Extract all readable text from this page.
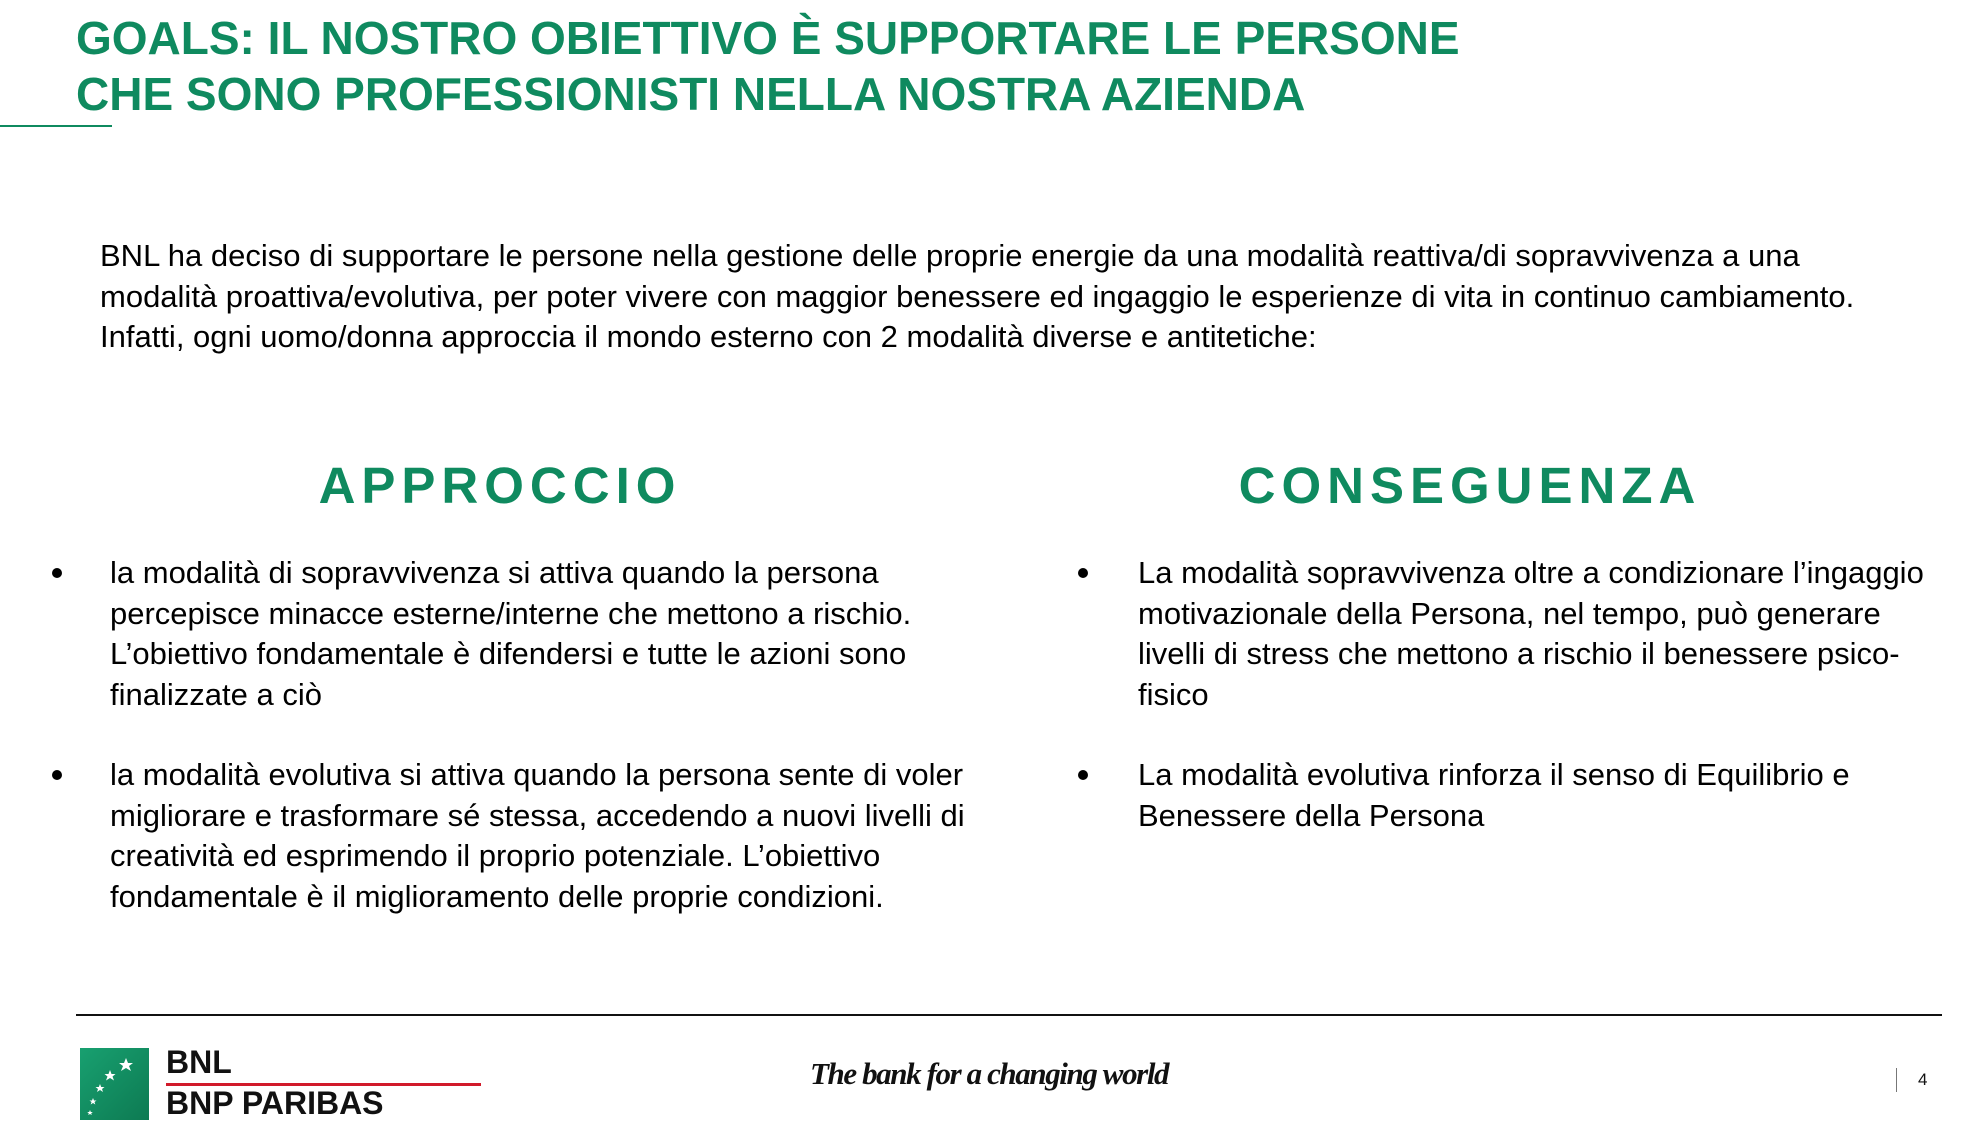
GOALS: IL NOSTRO OBIETTIVO È SUPPORTARE LE PERSONE
CHE SONO PROFESSIONISTI NELLA NOSTRA AZIENDA

BNL ha deciso di supportare le persone nella gestione delle proprie energie da una modalità reattiva/di sopravvivenza a una modalità proattiva/evolutiva, per poter vivere con maggior benessere ed ingaggio le esperienze di vita in continuo cambiamento.

Infatti, ogni uomo/donna approccia il mondo esterno con 2 modalità diverse e antitetiche:

APPROCCIO	CONSEGUENZA
la modalità di sopravvivenza si attiva quando la persona percepisce minacce esterne/interne che mettono a rischio. L’obiettivo fondamentale è difendersi e tutte le azioni sono finalizzate a ciò
la modalità evolutiva si attiva quando la persona sente di voler migliorare e trasformare sé stessa, accedendo a nuovi livelli di creatività ed esprimendo il proprio potenziale. L’obiettivo fondamentale è il miglioramento delle proprie condizioni.
La modalità sopravvivenza oltre a condizionare l’ingaggio motivazionale della Persona, nel tempo, può generare livelli di stress che mettono a rischio il benessere psico-fisico
La modalità evolutiva rinforza il senso di Equilibrio e Benessere della Persona
BNL
BNP PARIBAS
The bank for a changing world	4
